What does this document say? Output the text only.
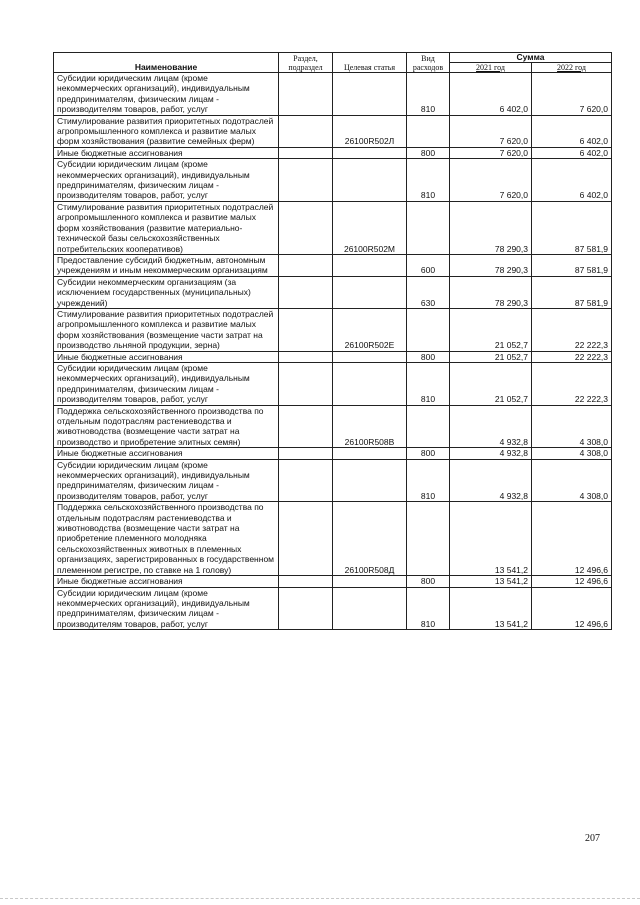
Наименование	Раздел, подраздел	Целевая статья	Вид расходов	Сумма	
				2021 год	2022 год
Субсидии юридическим лицам (кроме некоммерческих организаций), индивидуальным предпринимателям, физическим лицам - производителям товаров, работ, услуг			810	6 402,0	7 620,0
Стимулирование развития приоритетных подотраслей агропромышленного комплекса и развитие малых форм хозяйствования (развитие семейных ферм)		26100R502Л		7 620,0	6 402,0
Иные бюджетные ассигнования			800	7 620,0	6 402,0
Субсидии юридическим лицам (кроме некоммерческих организаций), индивидуальным предпринимателям, физическим лицам - производителям товаров, работ, услуг			810	7 620,0	6 402,0
Стимулирование развития приоритетных подотраслей агропромышленного комплекса и развитие малых форм хозяйствования (развитие материально-технической базы сельскохозяйственных потребительских кооперативов)		26100R502М		78 290,3	87 581,9
Предоставление субсидий бюджетным, автономным учреждениям и иным некоммерческим организациям			600	78 290,3	87 581,9
Субсидии некоммерческим организациям (за исключением государственных (муниципальных) учреждений)			630	78 290,3	87 581,9
Стимулирование развития приоритетных подотраслей агропромышленного комплекса и развитие малых форм хозяйствования (возмещение части затрат на производство льняной продукции, зерна)		26100R502Е		21 052,7	22 222,3
Иные бюджетные ассигнования			800	21 052,7	22 222,3
Субсидии юридическим лицам (кроме некоммерческих организаций), индивидуальным предпринимателям, физическим лицам - производителям товаров, работ, услуг			810	21 052,7	22 222,3
Поддержка сельскохозяйственного производства по отдельным подотраслям растениеводства и животноводства (возмещение части затрат на производство и приобретение элитных семян)		26100R508В		4 932,8	4 308,0
Иные бюджетные ассигнования			800	4 932,8	4 308,0
Субсидии юридическим лицам (кроме некоммерческих организаций), индивидуальным предпринимателям, физическим лицам - производителям товаров, работ, услуг			810	4 932,8	4 308,0
Поддержка сельскохозяйственного производства по отдельным подотраслям растениеводства и животноводства (возмещение части затрат на приобретение племенного молодняка сельскохозяйственных животных в племенных организациях, зарегистрированных в государственном племенном регистре, по ставке на 1 голову)		26100R508Д		13 541,2	12 496,6
Иные бюджетные ассигнования			800	13 541,2	12 496,6
Субсидии юридическим лицам (кроме некоммерческих организаций), индивидуальным предпринимателям, физическим лицам - производителям товаров, работ, услуг			810	13 541,2	12 496,6
207
